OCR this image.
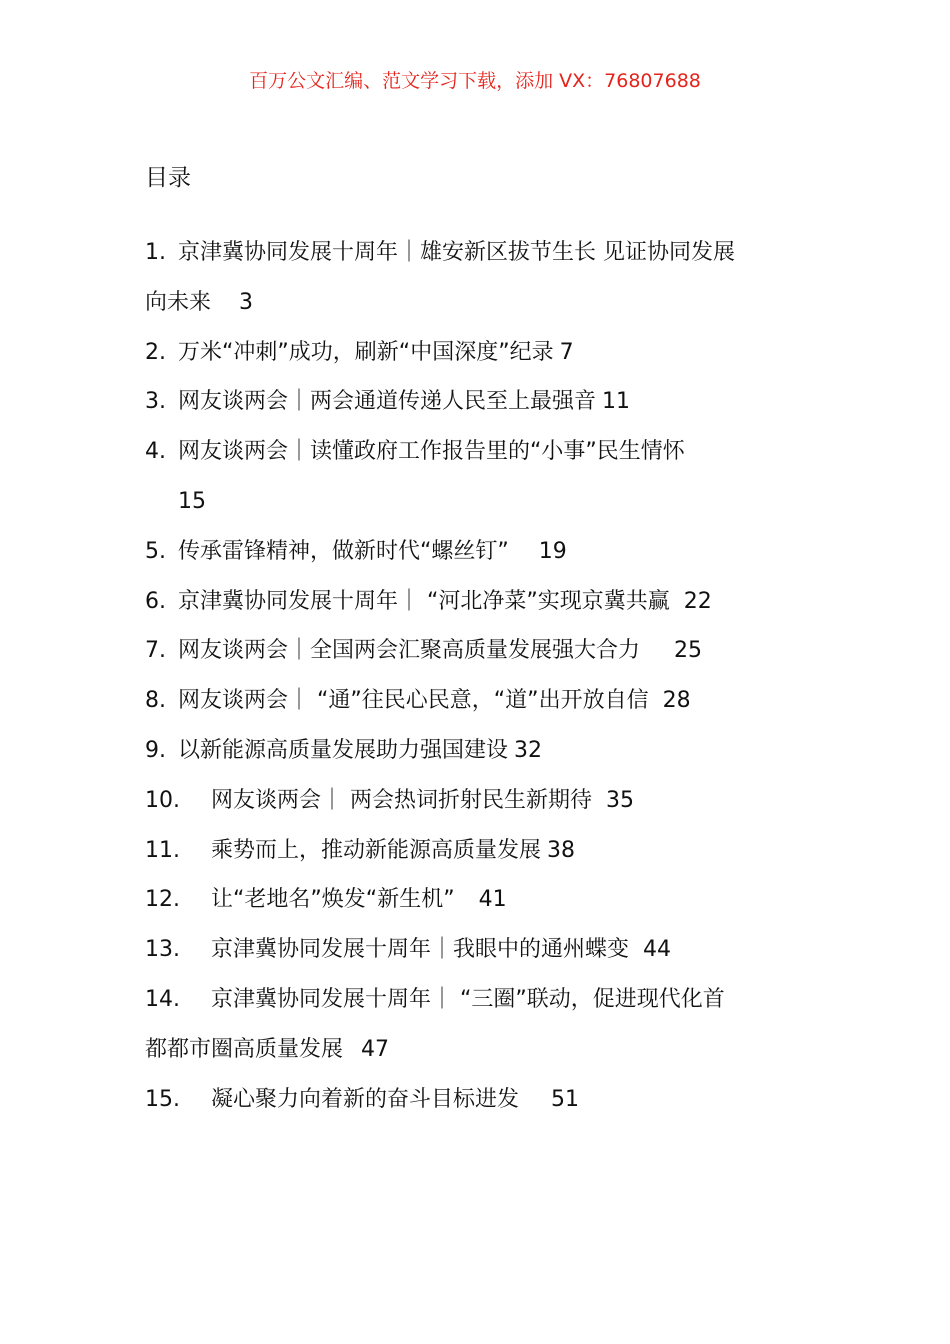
百万公文汇编、范文学习下载，添加 VX：76807688
目录
1. 京津冀协同发展十周年｜雄安新区拔节生长 见证协同发展
向未来 3
2. 万米“冲刺”成功，刷新“中国深度”纪录 7
3. 网友谈两会｜两会通道传递人民至上最强音 11
4. 网友谈两会｜读懂政府工作报告里的“小事”民生情怀
15
5. 传承雷锋精神，做新时代“螺丝钉” 19
6. 京津冀协同发展十周年｜ “河北净菜”实现京冀共赢 22
7. 网友谈两会｜全国两会汇聚高质量发展强大合力 25
8. 网友谈两会｜ “通”往民心民意，“道”出开放自信 28
9. 以新能源高质量发展助力强国建设 32
10. 网友谈两会｜ 两会热词折射民生新期待 35
11. 乘势而上，推动新能源高质量发展 38
12. 让“老地名”焕发“新生机” 41
13. 京津冀协同发展十周年｜我眼中的通州蝶变 44
14. 京津冀协同发展十周年｜ “三圈”联动，促进现代化首
都都市圈高质量发展 47
15. 凝心聚力向着新的奋斗目标进发 51
